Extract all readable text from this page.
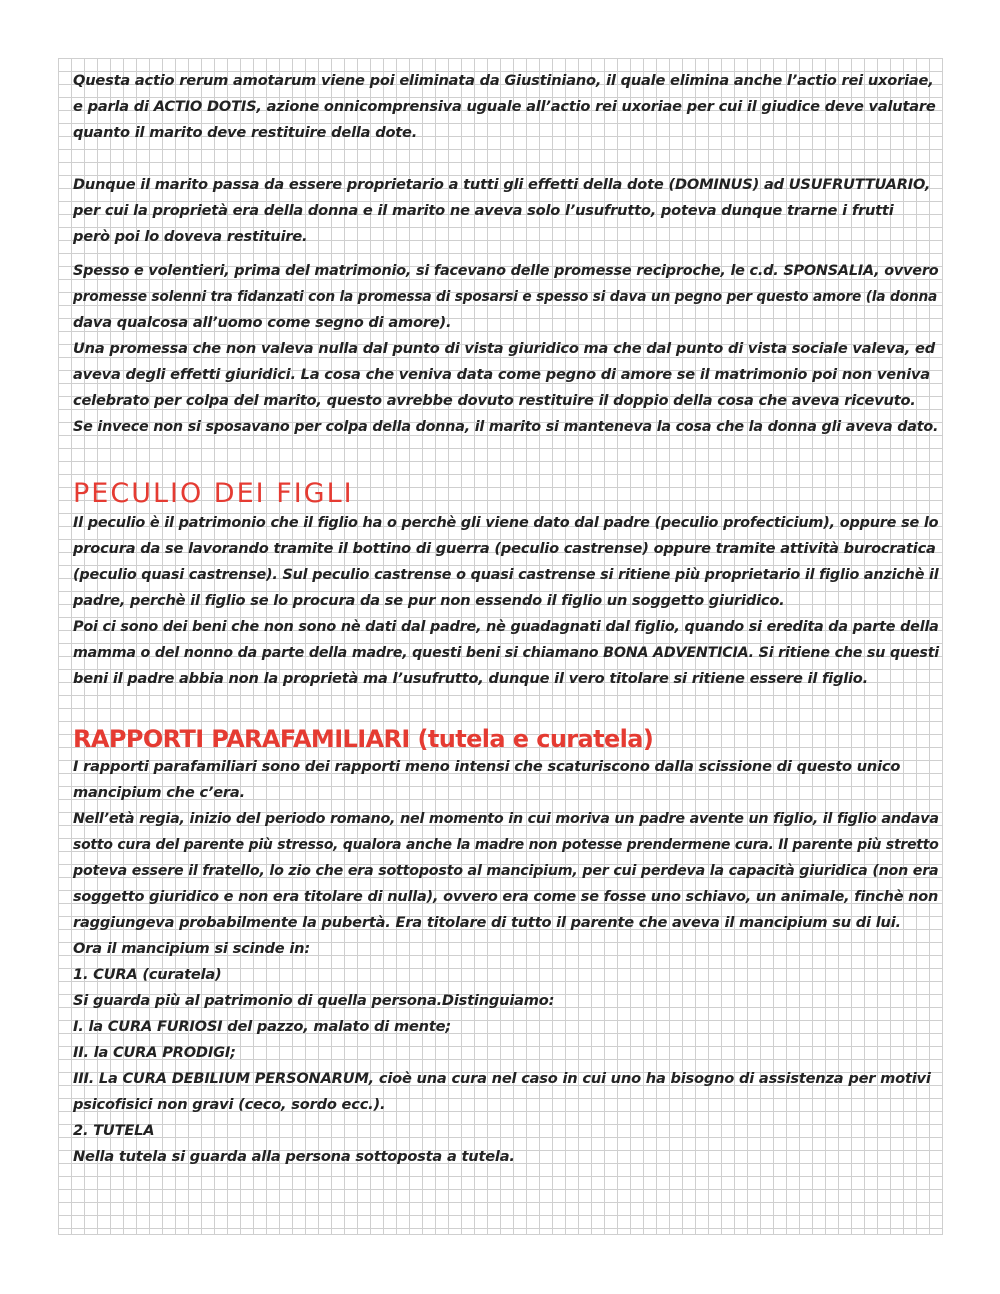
Questa actio rerum amotarum viene poi eliminata da Giustiniano, il quale elimina anche l’actio rei uxoriae,
e parla di ACTIO DOTIS, azione onnicomprensiva uguale all’actio rei uxoriae per cui il giudice deve valutare
quanto il marito deve restituire della dote.
Dunque il marito passa da essere proprietario a tutti gli effetti della dote (DOMINUS) ad USUFRUTTUARIO,
per cui la proprietà era della donna e il marito ne aveva solo l’usufrutto, poteva dunque trarne i frutti
però poi lo doveva restituire.
Spesso e volentieri, prima del matrimonio, si facevano delle promesse reciproche, le c.d. SPONSALIA, ovvero
promesse solenni tra fidanzati con la promessa di sposarsi e spesso si dava un pegno per questo amore (la donna
dava qualcosa all’uomo come segno di amore).
Una promessa che non valeva nulla dal punto di vista giuridico ma che dal punto di vista sociale valeva, ed
aveva degli effetti giuridici. La cosa che veniva data come pegno di amore se il matrimonio poi non veniva
celebrato per colpa del marito, questo avrebbe dovuto restituire il doppio della cosa che aveva ricevuto.
Se invece non si sposavano per colpa della donna, il marito si manteneva la cosa che la donna gli aveva dato.
PECULIO DEI FIGLI
Il peculio è il patrimonio che il figlio ha o perchè gli viene dato dal padre (peculio profecticium), oppure se lo
procura da se lavorando tramite il bottino di guerra (peculio castrense) oppure tramite attività burocratica
(peculio quasi castrense). Sul peculio castrense o quasi castrense si ritiene più proprietario il figlio anzichè il
padre, perchè il figlio se lo procura da se pur non essendo il figlio un soggetto giuridico.
Poi ci sono dei beni che non sono nè dati dal padre, nè guadagnati dal figlio, quando si eredita da parte della
mamma o del nonno da parte della madre, questi beni si chiamano BONA ADVENTICIA. Si ritiene che su questi
beni il padre abbia non la proprietà ma l’usufrutto, dunque il vero titolare si ritiene essere il figlio.
RAPPORTI PARAFAMILIARI (tutela e curatela)
I rapporti parafamiliari sono dei rapporti meno intensi che scaturiscono dalla scissione di questo unico
mancipium che c’era.
Nell’età regia, inizio del periodo romano, nel momento in cui moriva un padre avente un figlio, il figlio andava
sotto cura del parente più stresso, qualora anche la madre non potesse prendermene cura. Il parente più stretto
poteva essere il fratello, lo zio che era sottoposto al mancipium, per cui perdeva la capacità giuridica (non era
soggetto giuridico e non era titolare di nulla), ovvero era come se fosse uno schiavo, un animale, finchè non
raggiungeva probabilmente la pubertà. Era titolare di tutto il parente che aveva il mancipium su di lui.
Ora il mancipium si scinde in:
1. CURA (curatela)
Si guarda più al patrimonio di quella persona.Distinguiamo:
I. la CURA FURIOSI del pazzo, malato di mente;
II. la CURA PRODIGI;
III. La CURA DEBILIUM PERSONARUM, cioè una cura nel caso in cui uno ha bisogno di assistenza per motivi
psicofisici non gravi (ceco, sordo ecc.).
2. TUTELA
Nella tutela si guarda alla persona sottoposta a tutela.
